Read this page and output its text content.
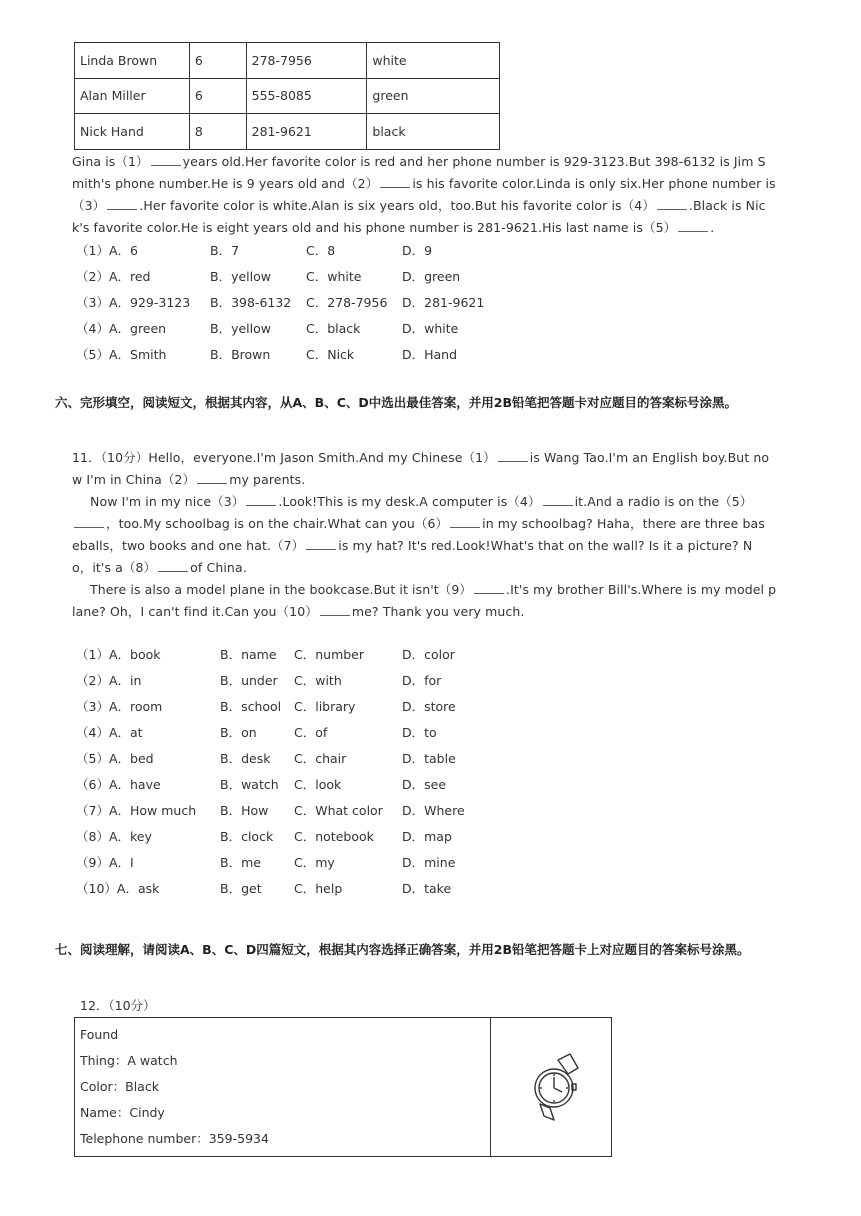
Linda Brown	6	278-7956	white
Alan Miller	6	555-8085	green
Nick Hand	8	281-9621	black
Gina is（1）	years old.Her favorite color is red and her phone number is 929-3123.But 398-6132 is Jim S
mith's phone number.He is 9 years old and（2）	is his favorite color.Linda is only six.Her phone number is
（3）	.Her favorite color is white.Alan is six years old，too.But his favorite color is（4）	.Black is Nic
k's favorite color.He is eight years old and his phone number is 281-9621.His last name is（5）	.
（1）A．6	B．7	C．8	D．9
（2）A．red	B．yellow	C．white	D．green
（3）A．929-3123 B．398-6132 C．278-7956 D．281-9621
（4）A．green	B．yellow	C．black	D．white
（5）A．Smith	B．Brown	C．Nick	D．Hand
六、完形填空，阅读短文，根据其内容，从A、B、C、D中选出最佳答案，并用2B铅笔把答题卡对应题目的答案标号涂黑。
11．（10分）Hello，everyone.I'm Jason Smith.And my Chinese（1）	is Wang Tao.I'm an English boy.But no
w I'm in China（2）	my parents.
Now I'm in my nice（3）	.Look!This is my desk.A computer is（4）	it.And a radio is on the（5）
，too.My schoolbag is on the chair.What can you（6）	in my schoolbag? Haha，there are three bas
eballs，two books and one hat.（7）	is my hat? It's red.Look!What's that on the wall? Is it a picture? N
o，it's a（8）	of China.
There is also a model plane in the bookcase.But it isn't（9）	.It's my brother Bill's.Where is my model p
lane? Oh，I can't find it.Can you（10）	me? Thank you very much.
（1）A．book	B．name C．number	D．color
（2）A．in	B．under C．with	D．for
（3）A．room	B．school C．library	D．store
（4）A．at	B．on	C．of	D．to
（5）A．bed	B．desk C．chair	D．table
（6）A．have	B．watch C．look	D．see
（7）A．How much B．How C．What color D．Where
（8）A．key	B．clock C．notebook D．map
（9）A．I	B．me	C．my	D．mine
（10）A．ask	B．get	C．help	D．take
七、阅读理解，请阅读A、B、C、D四篇短文，根据其内容选择正确答案，并用2B铅笔把答题卡上对应题目的答案标号涂黑。
12．（10分）
Found
Thing：A watch
Color：Black
Name：Cindy
Telephone number：359-5934
